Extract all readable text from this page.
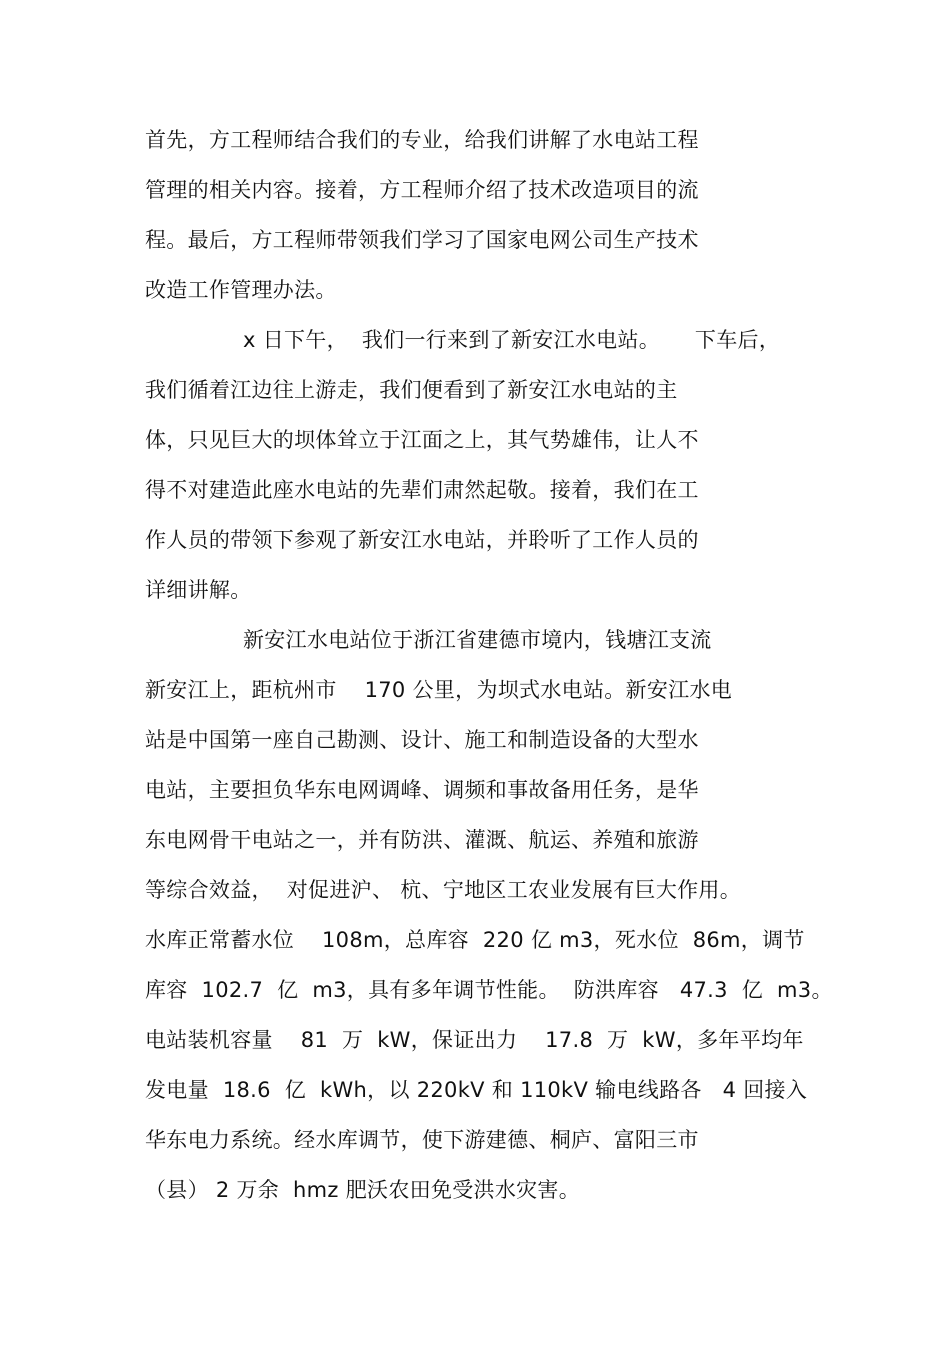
首先，方工程师结合我们的专业，给我们讲解了水电站工程
管理的相关内容。接着，方工程师介绍了技术改造项目的流
程。最后，方工程师带领我们学习了国家电网公司生产技术
改造工作管理办法。
x 日下午，  我们一行来到了新安江水电站。     下车后，
我们循着江边往上游走，我们便看到了新安江水电站的主
体，只见巨大的坝体耸立于江面之上，其气势雄伟，让人不
得不对建造此座水电站的先辈们肃然起敬。接着，我们在工
作人员的带领下参观了新安江水电站，并聆听了工作人员的
详细讲解。
新安江水电站位于浙江省建德市境内，钱塘江支流
新安江上，距杭州市    170 公里，为坝式水电站。新安江水电
站是中国第一座自己勘测、设计、施工和制造设备的大型水
电站，主要担负华东电网调峰、调频和事故备用任务，是华
东电网骨干电站之一，并有防洪、灌溉、航运、养殖和旅游
等综合效益，  对促进沪、 杭、宁地区工农业发展有巨大作用。
水库正常蓄水位    108m，总库容  220 亿 m3，死水位  86m，调节
库容  102.7  亿  m3，具有多年调节性能。  防洪库容   47.3  亿  m3。
电站装机容量    81  万  kW，保证出力    17.8  万  kW，多年平均年
发电量  18.6  亿  kWh，以 220kV 和 110kV 输电线路各   4 回接入
华东电力系统。经水库调节，使下游建德、桐庐、富阳三市
（县） 2 万余  hmz 肥沃农田免受洪水灾害。
